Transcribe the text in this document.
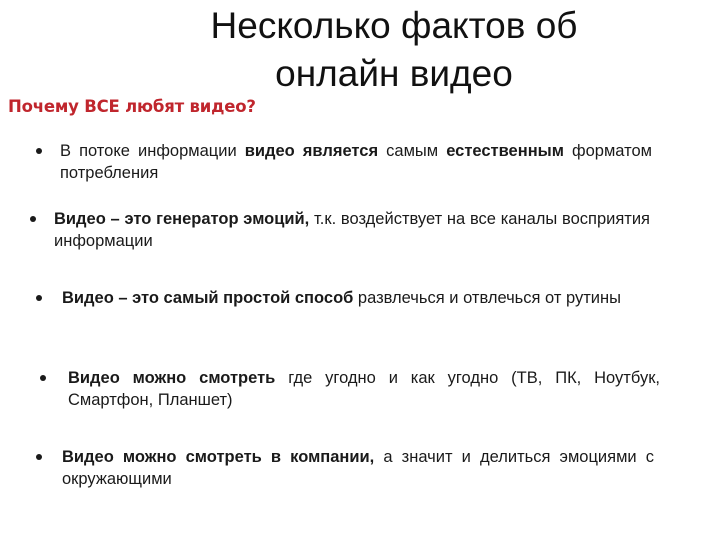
Несколько фактов об
онлайн видео
Почему ВСЕ любят видео?
В потоке информации видео является самым естественным форматом потребления
Видео – это генератор эмоций, т.к. воздействует на все каналы восприятия информации
Видео – это самый простой способ развлечься и отвлечься от рутины
Видео можно смотреть где угодно и как угодно (ТВ, ПК, Ноутбук, Смартфон, Планшет)
Видео можно смотреть в компании, а значит и делиться эмоциями с окружающими
